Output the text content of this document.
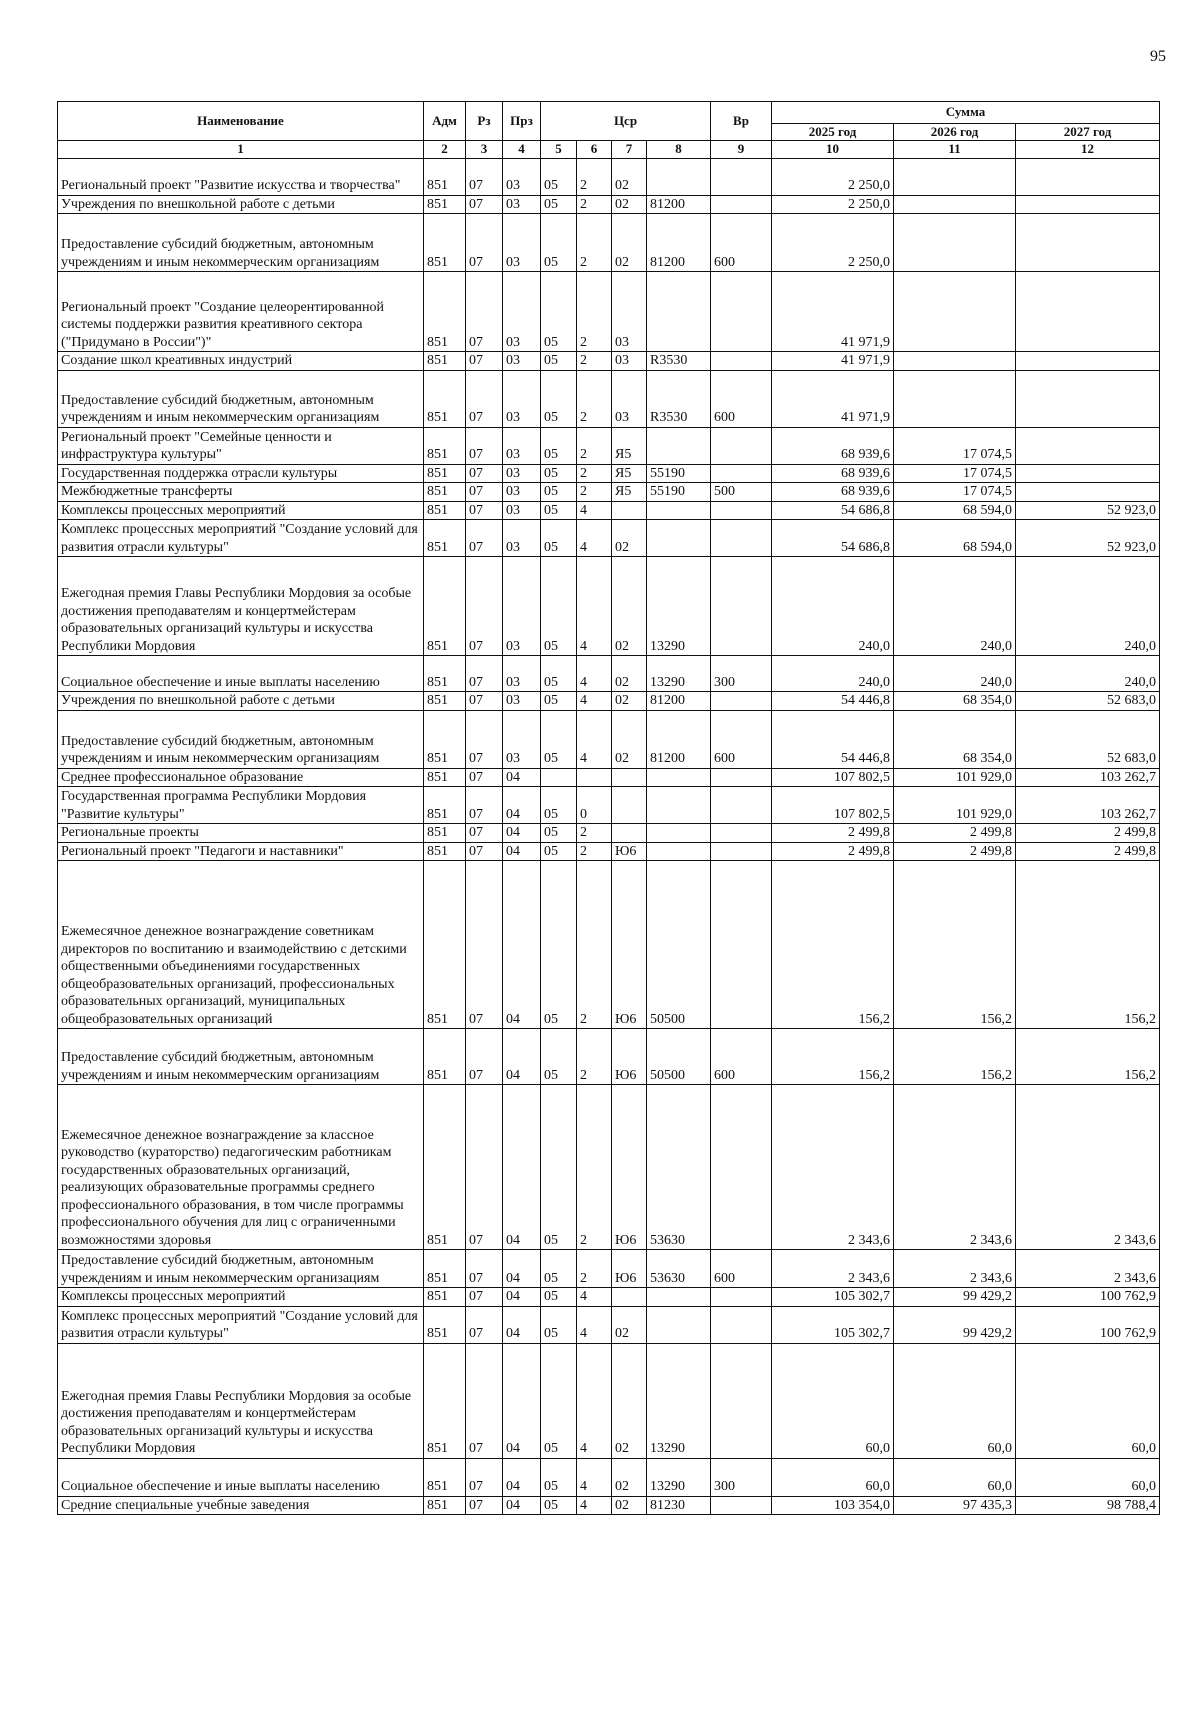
95
Наименование	Адм	Рз	Прз	Цср				Вр	Сумма		
									2025 год	2026 год	2027 год
1	2	3	4	5	6	7	8	9	10	11	12
Региональный проект "Развитие искусства и творчества"	851	07	03	05	2	02			2 250,0		
Учреждения по внешкольной работе с детьми	851	07	03	05	2	02	81200		2 250,0		
Предоставление субсидий бюджетным, автономным учреждениям и иным некоммерческим организациям	851	07	03	05	2	02	81200	600	2 250,0		
Региональный проект "Создание целеорентированной системы поддержки развития креативного сектора ("Придумано в России")"	851	07	03	05	2	03			41 971,9		
Создание школ креативных индустрий	851	07	03	05	2	03	R3530		41 971,9		
Предоставление субсидий бюджетным, автономным учреждениям и иным некоммерческим организациям	851	07	03	05	2	03	R3530	600	41 971,9		
Региональный проект "Семейные ценности и инфраструктура культуры"	851	07	03	05	2	Я5			68 939,6	17 074,5	
Государственная поддержка отрасли культуры	851	07	03	05	2	Я5	55190		68 939,6	17 074,5	
Межбюджетные трансферты	851	07	03	05	2	Я5	55190	500	68 939,6	17 074,5	
Комплексы процессных мероприятий	851	07	03	05	4				54 686,8	68 594,0	52 923,0
Комплекс процессных мероприятий "Создание условий для развития отрасли культуры"	851	07	03	05	4	02			54 686,8	68 594,0	52 923,0
Ежегодная премия Главы Республики Мордовия за особые достижения преподавателям и концертмейстерам образовательных организаций культуры и искусства Республики Мордовия	851	07	03	05	4	02	13290		240,0	240,0	240,0
Социальное обеспечение и иные выплаты населению	851	07	03	05	4	02	13290	300	240,0	240,0	240,0
Учреждения по внешкольной работе с детьми	851	07	03	05	4	02	81200		54 446,8	68 354,0	52 683,0
Предоставление субсидий бюджетным, автономным учреждениям и иным некоммерческим организациям	851	07	03	05	4	02	81200	600	54 446,8	68 354,0	52 683,0
Среднее профессиональное образование	851	07	04						107 802,5	101 929,0	103 262,7
Государственная программа Республики Мордовия "Развитие культуры"	851	07	04	05	0				107 802,5	101 929,0	103 262,7
Региональные проекты	851	07	04	05	2				2 499,8	2 499,8	2 499,8
Региональный проект "Педагоги и наставники"	851	07	04	05	2	Ю6			2 499,8	2 499,8	2 499,8
Ежемесячное денежное вознаграждение советникам директоров по воспитанию и взаимодействию с детскими общественными объединениями государственных общеобразовательных организаций, профессиональных образовательных организаций, муниципальных общеобразовательных организаций	851	07	04	05	2	Ю6	50500		156,2	156,2	156,2
Предоставление субсидий бюджетным, автономным учреждениям и иным некоммерческим организациям	851	07	04	05	2	Ю6	50500	600	156,2	156,2	156,2
Ежемесячное денежное вознаграждение за классное руководство (кураторство) педагогическим работникам государственных образовательных организаций, реализующих образовательные программы среднего профессионального образования, в том числе программы профессионального обучения для лиц с ограниченными возможностями здоровья	851	07	04	05	2	Ю6	53630		2 343,6	2 343,6	2 343,6
Предоставление субсидий бюджетным, автономным учреждениям и иным некоммерческим организациям	851	07	04	05	2	Ю6	53630	600	2 343,6	2 343,6	2 343,6
Комплексы процессных мероприятий	851	07	04	05	4				105 302,7	99 429,2	100 762,9
Комплекс процессных мероприятий "Создание условий для развития отрасли культуры"	851	07	04	05	4	02			105 302,7	99 429,2	100 762,9
Ежегодная премия Главы Республики Мордовия за особые достижения преподавателям и концертмейстерам образовательных организаций культуры и искусства Республики Мордовия	851	07	04	05	4	02	13290		60,0	60,0	60,0
Социальное обеспечение и иные выплаты населению	851	07	04	05	4	02	13290	300	60,0	60,0	60,0
Средние специальные учебные заведения	851	07	04	05	4	02	81230		103 354,0	97 435,3	98 788,4
